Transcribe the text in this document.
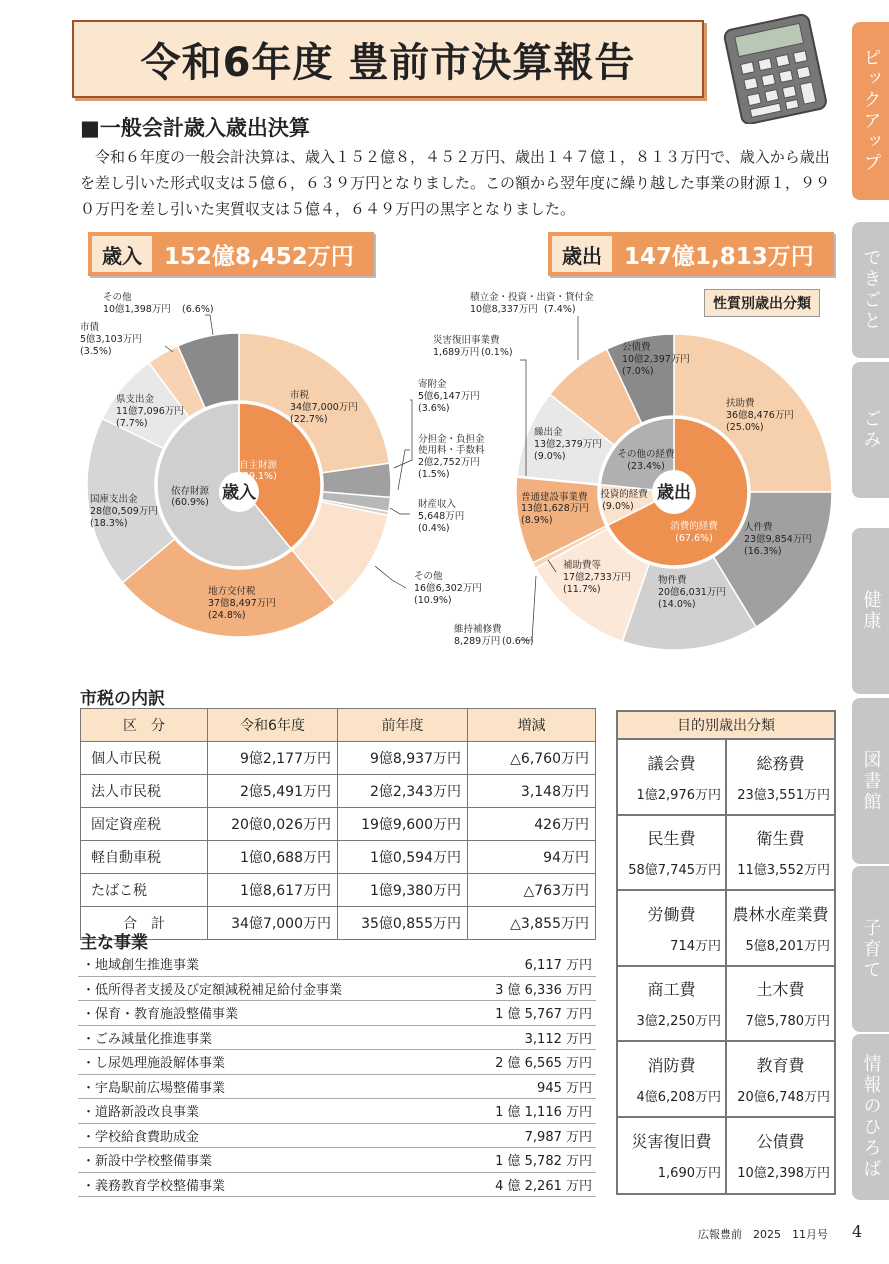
令和6年度 豊前市決算報告	ピックアップ
できごと
ごみ
健康
図書館
子育て
情報のひろば
■一般会計歳入歳出決算

令和６年度の一般会計決算は、歳入１５２億８，４５２万円、歳出１４７億１，８１３万円で、歳入から歳出を差し引いた形式収支は５億６，６３９万円となりました。この額から翌年度に繰り越した事業の財源１，９９０万円を差し引いた実質収支は５億４，６４９万円の黒字となりました。

歳入 152億8,452万円	歳出 147億1,813万円
性質別歳出分類
歳入
自主財源
(39.1%)
依存財源
(60.9%)
市税
34億7,000万円
(22.7%)
寄附金
5億6,147万円
(3.6%)
分担金・負担金
使用料・手数料
2億2,752万円
(1.5%)
財産収入
5,648万円
(0.4%)
その他
16億6,302万円
(10.9%)
地方交付税
37億8,497万円
(24.8%)
国庫支出金
28億0,509万円
(18.3%)
県支出金
11億7,096万円
(7.7%)
市債
5億3,103万円
(3.5%)
その他
10億1,398万円 (6.6%)
歳出
消費的経費
(67.6%)
投資的経費
(9.0%)
その他の経費
(23.4%)
扶助費
36億8,476万円
(25.0%)
人件費
23億9,854万円
(16.3%)
物件費
20億6,031万円
(14.0%)
補助費等
17億2,733万円
(11.7%)
維持補修費
8,289万円 (0.6%)
普通建設事業費
13億1,628万円
(8.9%)
災害復旧事業費
1,689万円 (0.1%)
繰出金
13億2,379万円
(9.0%)
積立金・投資・出資・貸付金
10億8,337万円 (7.4%)
公債費
10億2,397万円
(7.0%)
市税の内訳
区　分	令和6年度	前年度	増減
個人市民税	9億2,177万円	9億8,937万円	△6,760万円
法人市民税	2億5,491万円	2億2,343万円	3,148万円
固定資産税	20億0,026万円	19億9,600万円	426万円
軽自動車税	1億0,688万円	1億0,594万円	94万円
たばこ税	1億8,617万円	1億9,380万円	△763万円
合　計	34億7,000万円	35億0,855万円	△3,855万円
主な事業
・地域創生推進事業	6,117 万円
・低所得者支援及び定額減税補足給付金事業	3 億 6,336 万円
・保育・教育施設整備事業	1 億 5,767 万円
・ごみ減量化推進事業	3,112 万円
・し尿処理施設解体事業	2 億 6,565 万円
・宇島駅前広場整備事業	945 万円
・道路新設改良事業	1 億 1,116 万円
・学校給食費助成金	7,987 万円
・新設中学校整備事業	1 億 5,782 万円
・義務教育学校整備事業	4 億 2,261 万円
目的別歳出分類
議会費
1億2,976万円
総務費
23億3,551万円
民生費
58億7,745万円
衛生費
11億3,552万円
労働費
714万円
農林水産業費
5億8,201万円
商工費
3億2,250万円
土木費
7億5,780万円
消防費
4億6,208万円
教育費
20億6,748万円
災害復旧費
1,690万円
公債費
10億2,398万円
広報豊前　2025　11月号 4
